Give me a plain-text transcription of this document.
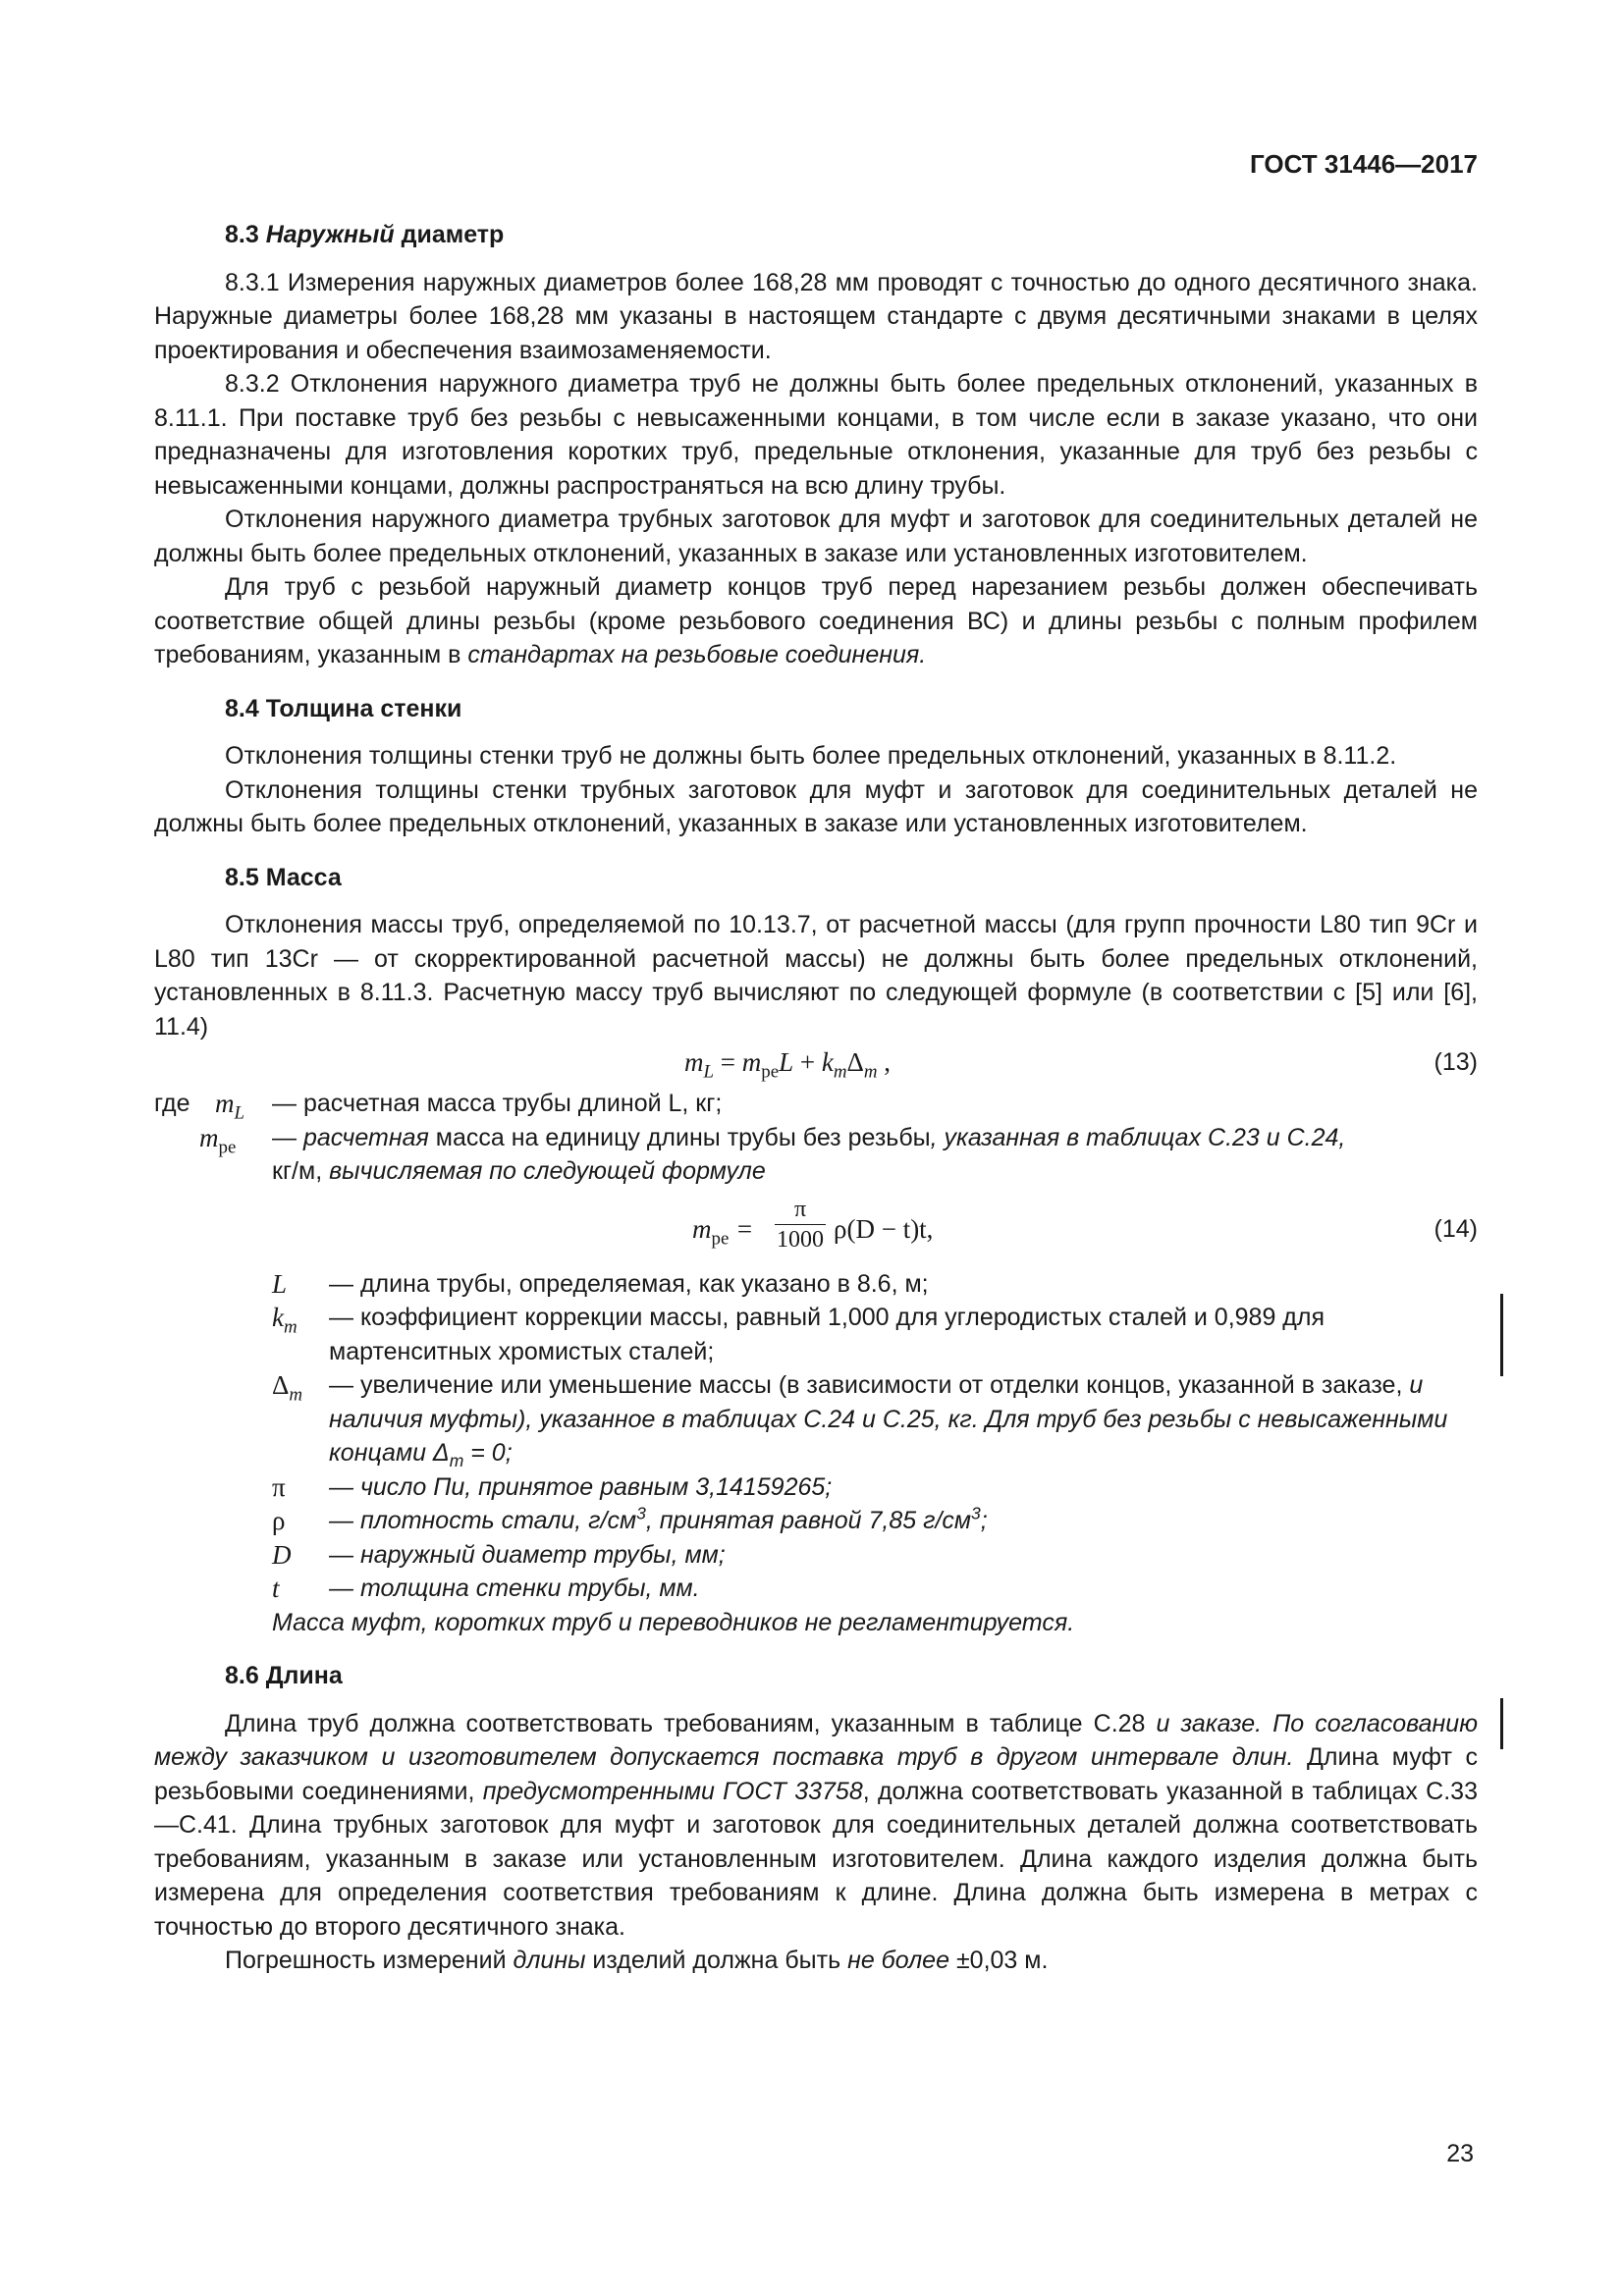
ГОСТ 31446—2017
8.3 Наружный диаметр

8.3.1 Измерения наружных диаметров более 168,28 мм проводят с точностью до одного десятичного знака. Наружные диаметры более 168,28 мм указаны в настоящем стандарте с двумя десятичными знаками в целях проектирования и обеспечения взаимозаменяемости.

8.3.2 Отклонения наружного диаметра труб не должны быть более предельных отклонений, указанных в 8.11.1. При поставке труб без резьбы с невысаженными концами, в том числе если в заказе указано, что они предназначены для изготовления коротких труб, предельные отклонения, указанные для труб без резьбы с невысаженными концами, должны распространяться на всю длину трубы.

Отклонения наружного диаметра трубных заготовок для муфт и заготовок для соединительных деталей не должны быть более предельных отклонений, указанных в заказе или установленных изготовителем.

Для труб с резьбой наружный диаметр концов труб перед нарезанием резьбы должен обеспечивать соответствие общей длины резьбы (кроме резьбового соединения ВС) и длины резьбы с полным профилем требованиям, указанным в стандартах на резьбовые соединения.

8.4 Толщина стенки

Отклонения толщины стенки труб не должны быть более предельных отклонений, указанных в 8.11.2.

Отклонения толщины стенки трубных заготовок для муфт и заготовок для соединительных деталей не должны быть более предельных отклонений, указанных в заказе или установленных изготовителем.

8.5 Масса

Отклонения массы труб, определяемой по 10.13.7, от расчетной массы (для групп прочности L80 тип 9Cr и L80 тип 13Cr — от скорректированной расчетной массы) не должны быть более предельных отклонений, установленных в 8.11.3. Расчетную массу труб вычисляют по следующей формуле (в соответствии с [5] или [6], 11.4)

$m_L = m_{pe}L + k_m\Delta_m$ ,	(13)
где $m_L$	— расчетная масса трубы длиной L, кг;
$m_{pe}$	— расчетная масса на единицу длины трубы без резьбы, указанная в таблицах С.23 и С.24,
кг/м, вычисляемая по следующей формуле
$m_{pe} = \frac{\pi}{1000} \rho(D - t)t$,	(14)
L	— длина трубы, определяемая, как указано в 8.6, м;
$k_m$	— коэффициент коррекции массы, равный 1,000 для углеродистых сталей и 0,989 для мартенситных хромистых сталей;
$\Delta_m$	— увеличение или уменьшение массы (в зависимости от отделки концов, указанной в заказе, и наличия муфты), указанное в таблицах С.24 и С.25, кг. Для труб без резьбы с невысаженными концами $\Delta_m = 0$;
π	— число Пи, принятое равным 3,14159265;
ρ	— плотность стали, $г/см^3$, принятая равной 7,85 $г/см^3$;
D	— наружный диаметр трубы, мм;
t	— толщина стенки трубы, мм.
Масса муфт, коротких труб и переводников не регламентируется.
8.6 Длина

Длина труб должна соответствовать требованиям, указанным в таблице С.28 и заказе. По согласованию между заказчиком и изготовителем допускается поставка труб в другом интервале длин. Длина муфт с резьбовыми соединениями, предусмотренными ГОСТ 33758, должна соответствовать указанной в таблицах С.33—С.41. Длина трубных заготовок для муфт и заготовок для соединительных деталей должна соответствовать требованиям, указанным в заказе или установленным изготовителем. Длина каждого изделия должна быть измерена для определения соответствия требованиям к длине. Длина должна быть измерена в метрах с точностью до второго десятичного знака.

Погрешность измерений длины изделий должна быть не более ±0,03 м.

23
